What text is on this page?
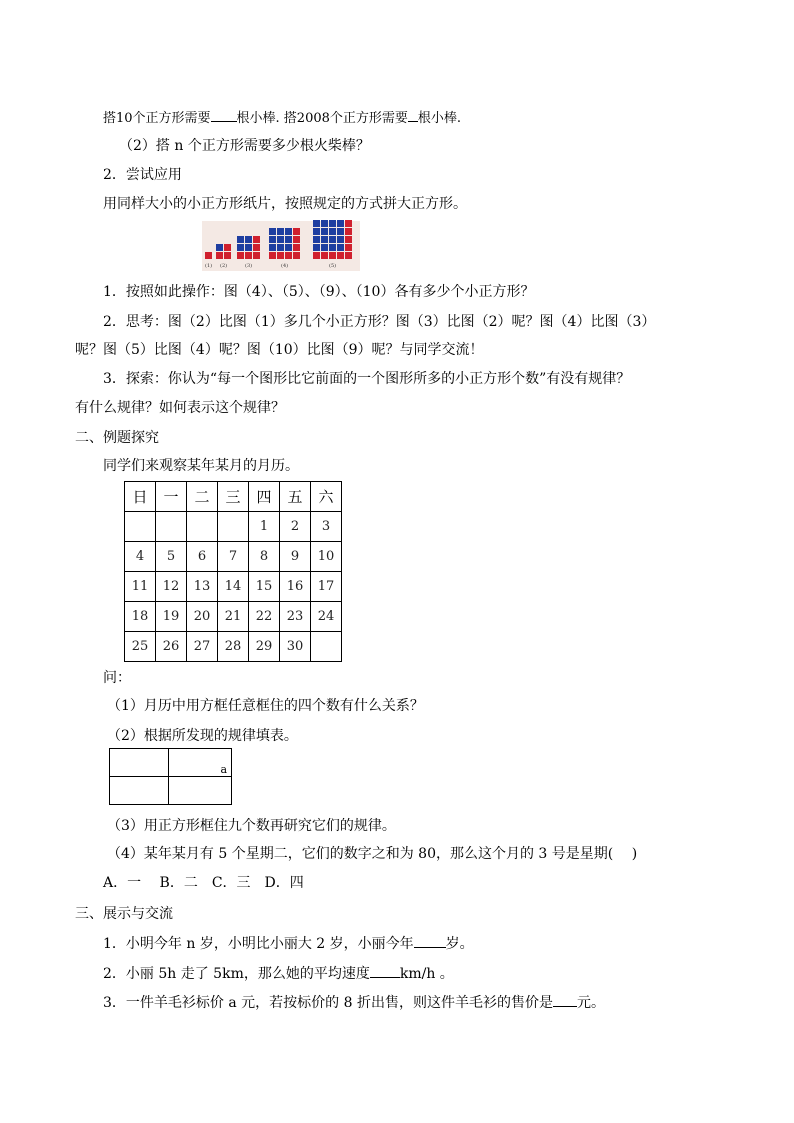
搭10个正方形需要 根小棒. 搭2008个正方形需要 根小棒.
（2）搭 n 个正方形需要多少根火柴棒？
2．尝试应用
用同样大小的小正方形纸片，按照规定的方式拼大正方形。
(1) (2)	(3)	(4)	(5)
1．按照如此操作：图（4）、（5）、（9）、（10）各有多少个小正方形？
2．思考：图（2）比图（1）多几个小正方形？图（3）比图（2）呢？图（4）比图（3）
呢？图（5）比图（4）呢？图（10）比图（9）呢？与同学交流！
3．探索：你认为“每一个图形比它前面的一个图形所多的小正方形个数”有没有规律？
有什么规律？如何表示这个规律？
二、例题探究
同学们来观察某年某月的月历。
日	一	二	三	四	五	六
				1	2	3
4	5	6	7	8	9	10
11	12	13	14	15	16	17
18	19	20	21	22	23	24
25	26	27	28	29	30	
问：
（1）月历中用方框任意框住的四个数有什么关系？
（2）根据所发现的规律填表。
	a

（3）用正方形框住九个数再研究它们的规律。
（4）某年某月有 5 个星期二，它们的数字之和为 80，那么这个月的 3 号是星期(　 )
A．一　 B．二　C．三　D．四
三、展示与交流
1．小明今年 n 岁，小明比小丽大 2 岁，小丽今年 岁。
2．小丽 5h 走了 5km，那么她的平均速度 km/h 。
3．一件羊毛衫标价 a 元，若按标价的 8 折出售，则这件羊毛衫的售价是 元。
